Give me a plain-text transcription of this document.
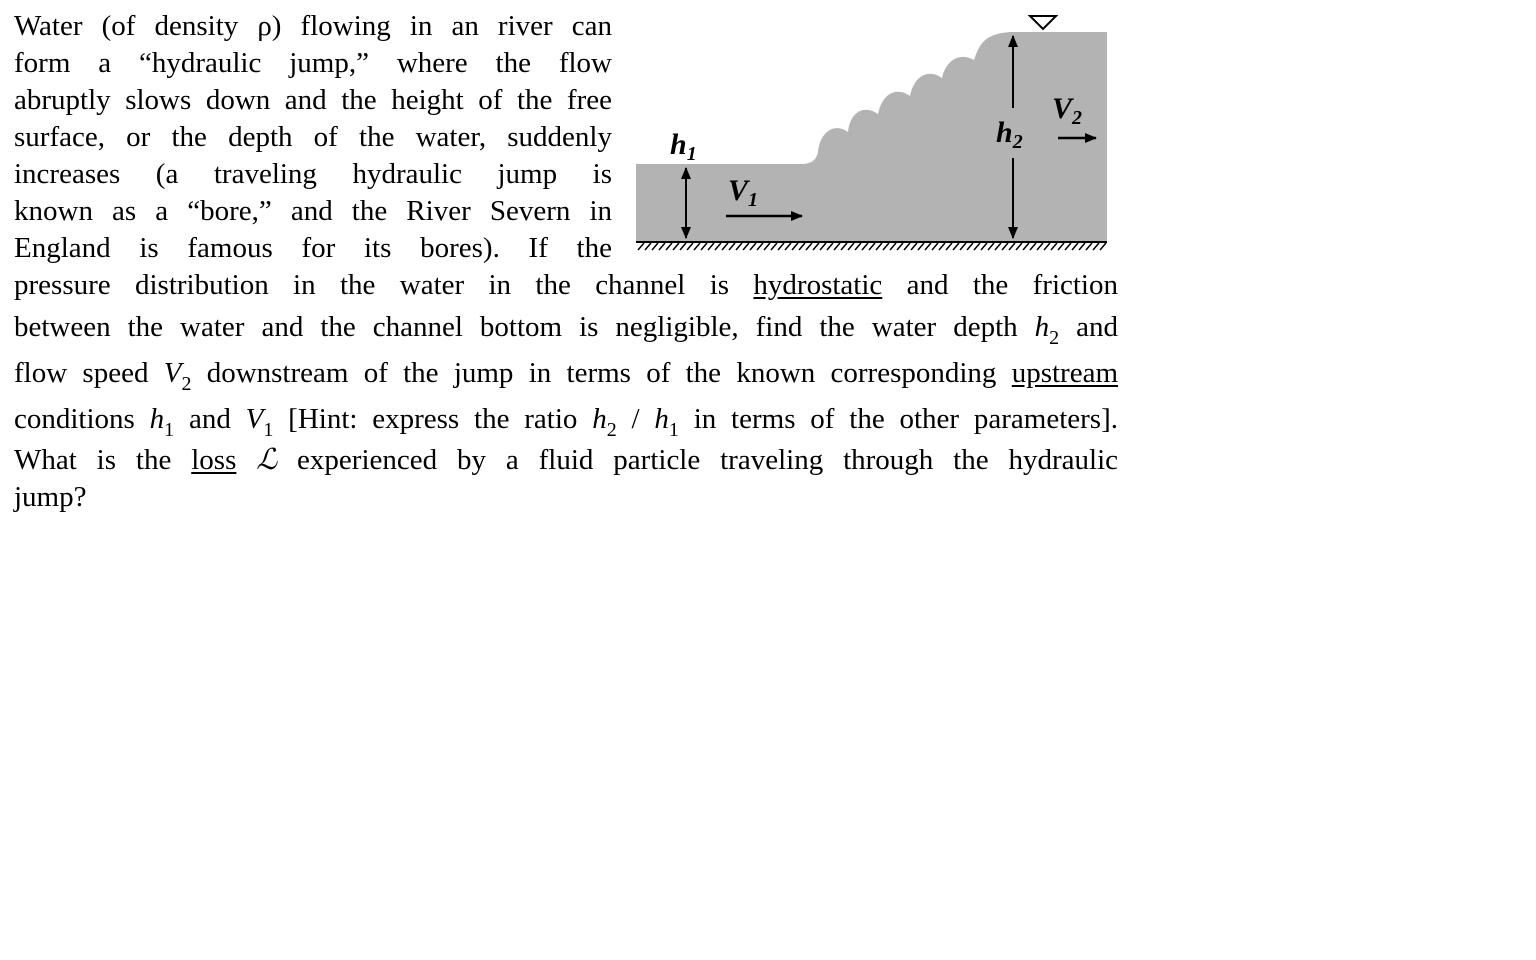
Water (of density ρ) flowing in an river can
form a “hydraulic jump,” where the flow
abruptly slows down and the height of the free
surface, or the depth of the water, suddenly
increases (a traveling hydraulic jump is
known as a “bore,” and the River Severn in
England is famous for its bores). If the
pressure distribution in the water in the channel is hydrostatic and the friction
between the water and the channel bottom is negligible, find the water depth $h_2$ and
flow speed $V_2$ downstream of the jump in terms of the known corresponding upstream
conditions $h_1$ and $V_1$ [Hint: express the ratio $h_2 / h_1$ in terms of the other parameters].
What is the loss ℒ experienced by a fluid particle traveling through the hydraulic
jump?
$h_1$
$V_1$
$h_2$
$V_2$
